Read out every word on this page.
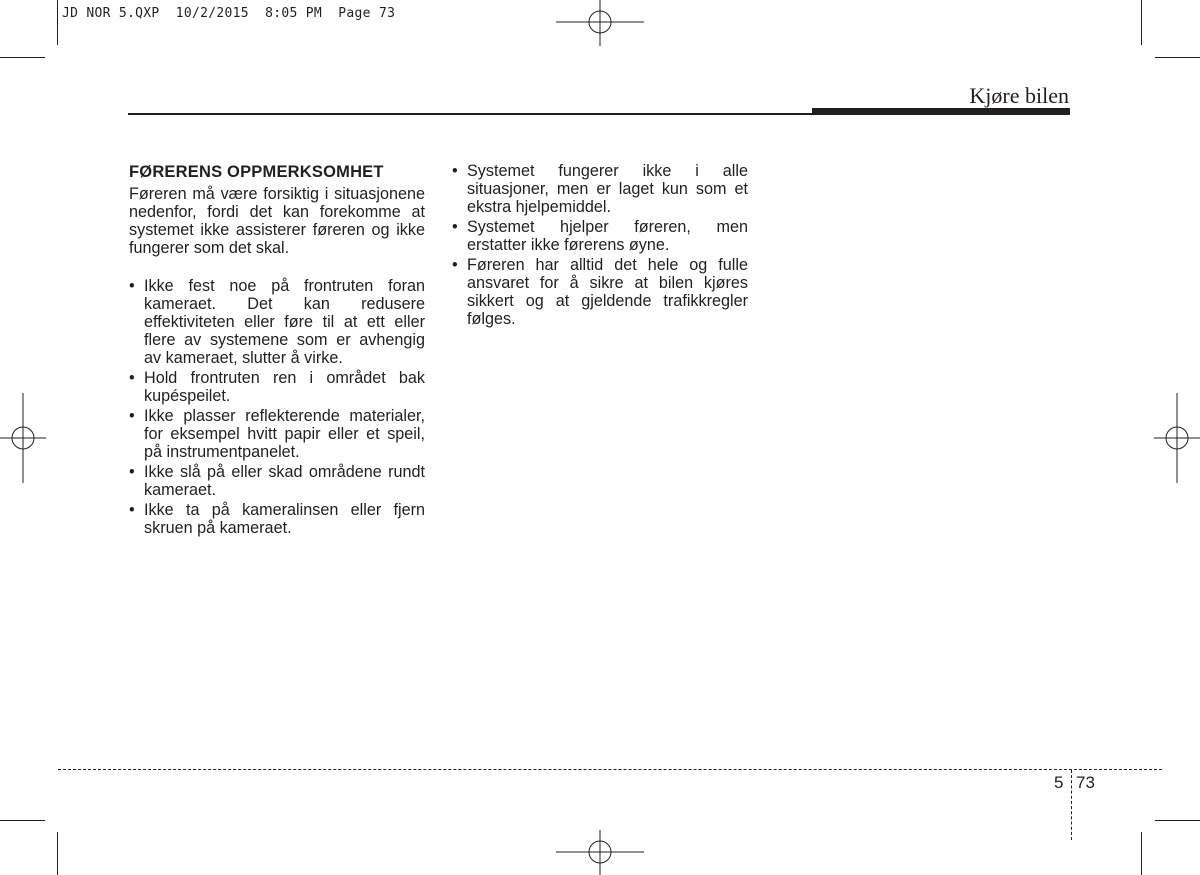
JD NOR 5.QXP  10/2/2015  8:05 PM  Page 73
Kjøre bilen
FØRERENS OPPMERKSOMHET

Føreren må være forsiktig i situasjonene nedenfor, fordi det kan forekomme at systemet ikke assisterer føreren og ikke fungerer som det skal.

• Ikke fest noe på frontruten foran kameraet. Det kan redusere effektiviteten eller føre til at ett eller flere av systemene som er avhengig av kameraet, slutter å virke.
• Hold frontruten ren i området bak kupéspeilet.
• Ikke plasser reflekterende materialer, for eksempel hvitt papir eller et speil, på instrumentpanelet.
• Ikke slå på eller skad områdene rundt kameraet.
• Ikke ta på kameralinsen eller fjern skruen på kameraet.
• Systemet fungerer ikke i alle situasjoner, men er laget kun som et ekstra hjelpemiddel.
• Systemet hjelper føreren, men erstatter ikke førerens øyne.
• Føreren har alltid det hele og fulle ansvaret for å sikre at bilen kjøres sikkert og at gjeldende trafikkregler følges.
5 73
